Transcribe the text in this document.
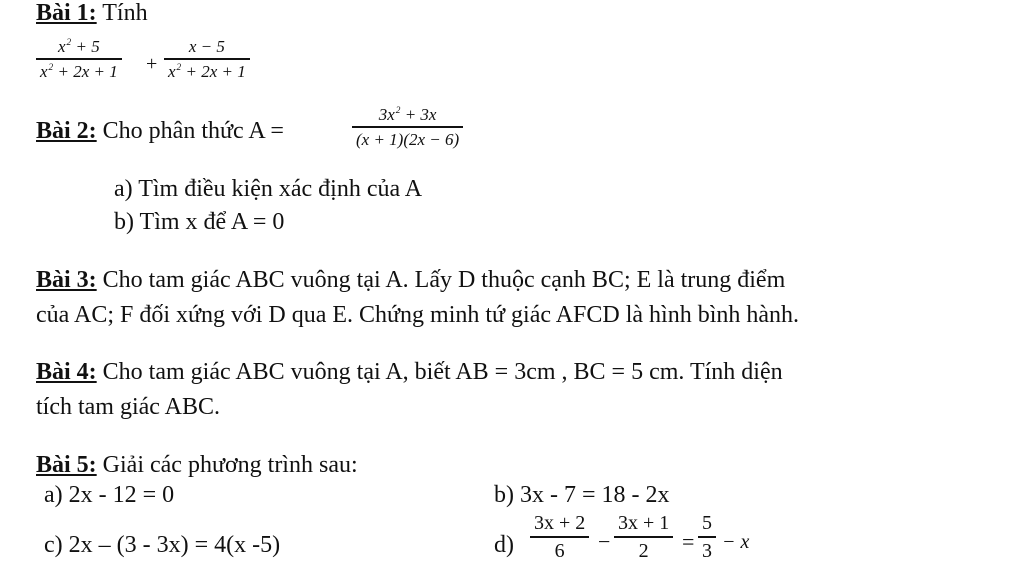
Bài 1: Tính
$x^2 + 5$
$x^2 + 2x + 1$ +
x − 5
$x^2 + 2x + 1$
Bài 2: Cho phân thức A =
$3x^2 + 3x$
(x + 1)(2x − 6)
a) Tìm điều kiện xác định của A
b) Tìm x để A = 0
Bài 3: Cho tam giác ABC vuông tại A. Lấy D thuộc cạnh BC; E là trung điểm
của AC; F đối xứng với D qua E. Chứng minh tứ giác AFCD là hình bình hành.
Bài 4: Cho tam giác ABC vuông tại A, biết AB = 3cm , BC = 5 cm. Tính diện
tích tam giác ABC.
Bài 5: Giải các phương trình sau:
a) 2x - 12 = 0	b) 3x - 7 = 18 - 2x
c) 2x – (3 - 3x) = 4(x -5)	d)
3x + 2
6 −
3x + 1
2 =
5
3 − x
